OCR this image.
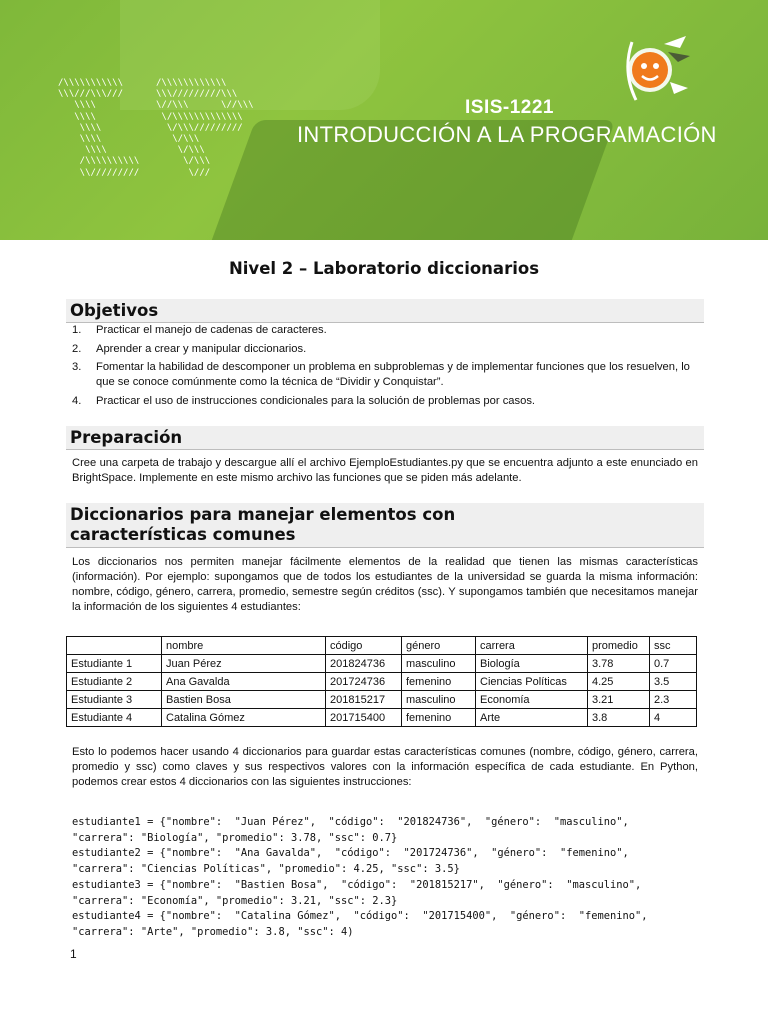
/\\\\\\\\\\\
\\\///\\\///
\\\\
\\\\
\\\\
\\\\
\\\\
/\\\\\\\\\\
\\/////////
/\\\\\\\\\\\\
\\\/////////\\\
\//\\\      \//\\\
\/\\\\\\\\\\\\\
\/\\\/////////
\/\\\
\/\\\
\/\\\
\///
ISIS-1221
INTRODUCCIÓN A LA PROGRAMACIÓN
Nivel 2 – Laboratorio diccionarios
Objetivos
1. Practicar el manejo de cadenas de caracteres.
2. Aprender a crear y manipular diccionarios.
3. Fomentar la habilidad de descomponer un problema en subproblemas y de implementar funciones que los resuelven, lo que se conoce comúnmente como la técnica de “Dividir y Conquistar”.
4. Practicar el uso de instrucciones condicionales para la solución de problemas por casos.
Preparación

Cree una carpeta de trabajo y descargue allí el archivo EjemploEstudiantes.py que se encuentra adjunto a este enunciado en BrightSpace. Implemente en este mismo archivo las funciones que se piden más adelante.

Diccionarios para manejar elementos con
características comunes

Los diccionarios nos permiten manejar fácilmente elementos de la realidad que tienen las mismas características (información). Por ejemplo: supongamos que de todos los estudiantes de la universidad se guarda la misma información: nombre, código, género, carrera, promedio, semestre según créditos (ssc). Y supongamos también que necesitamos manejar la información de los siguientes 4 estudiantes:

	nombre	código	género	carrera	promedio	ssc
Estudiante 1	Juan Pérez	201824736	masculino	Biología	3.78	0.7
Estudiante 2	Ana Gavalda	201724736	femenino	Ciencias Políticas	4.25	3.5
Estudiante 3	Bastien Bosa	201815217	masculino	Economía	3.21	2.3
Estudiante 4	Catalina Gómez	201715400	femenino	Arte	3.8	4

Esto lo podemos hacer usando 4 diccionarios para guardar estas características comunes (nombre, código, género, carrera, promedio y ssc) como claves y sus respectivos valores con la información específica de cada estudiante. En Python, podemos crear estos 4 diccionarios con las siguientes instrucciones:

estudiante1 = {"nombre":  "Juan Pérez",  "código":  "201824736",  "género":  "masculino",
"carrera": "Biología", "promedio": 3.78, "ssc": 0.7}
estudiante2 = {"nombre":  "Ana Gavalda",  "código":  "201724736",  "género":  "femenino",
"carrera": "Ciencias Políticas", "promedio": 4.25, "ssc": 3.5}
estudiante3 = {"nombre":  "Bastien Bosa",  "código":  "201815217",  "género":  "masculino",
"carrera": "Economía", "promedio": 3.21, "ssc": 2.3}
estudiante4 = {"nombre":  "Catalina Gómez",  "código":  "201715400",  "género":  "femenino",
"carrera": "Arte", "promedio": 3.8, "ssc": 4)
1
